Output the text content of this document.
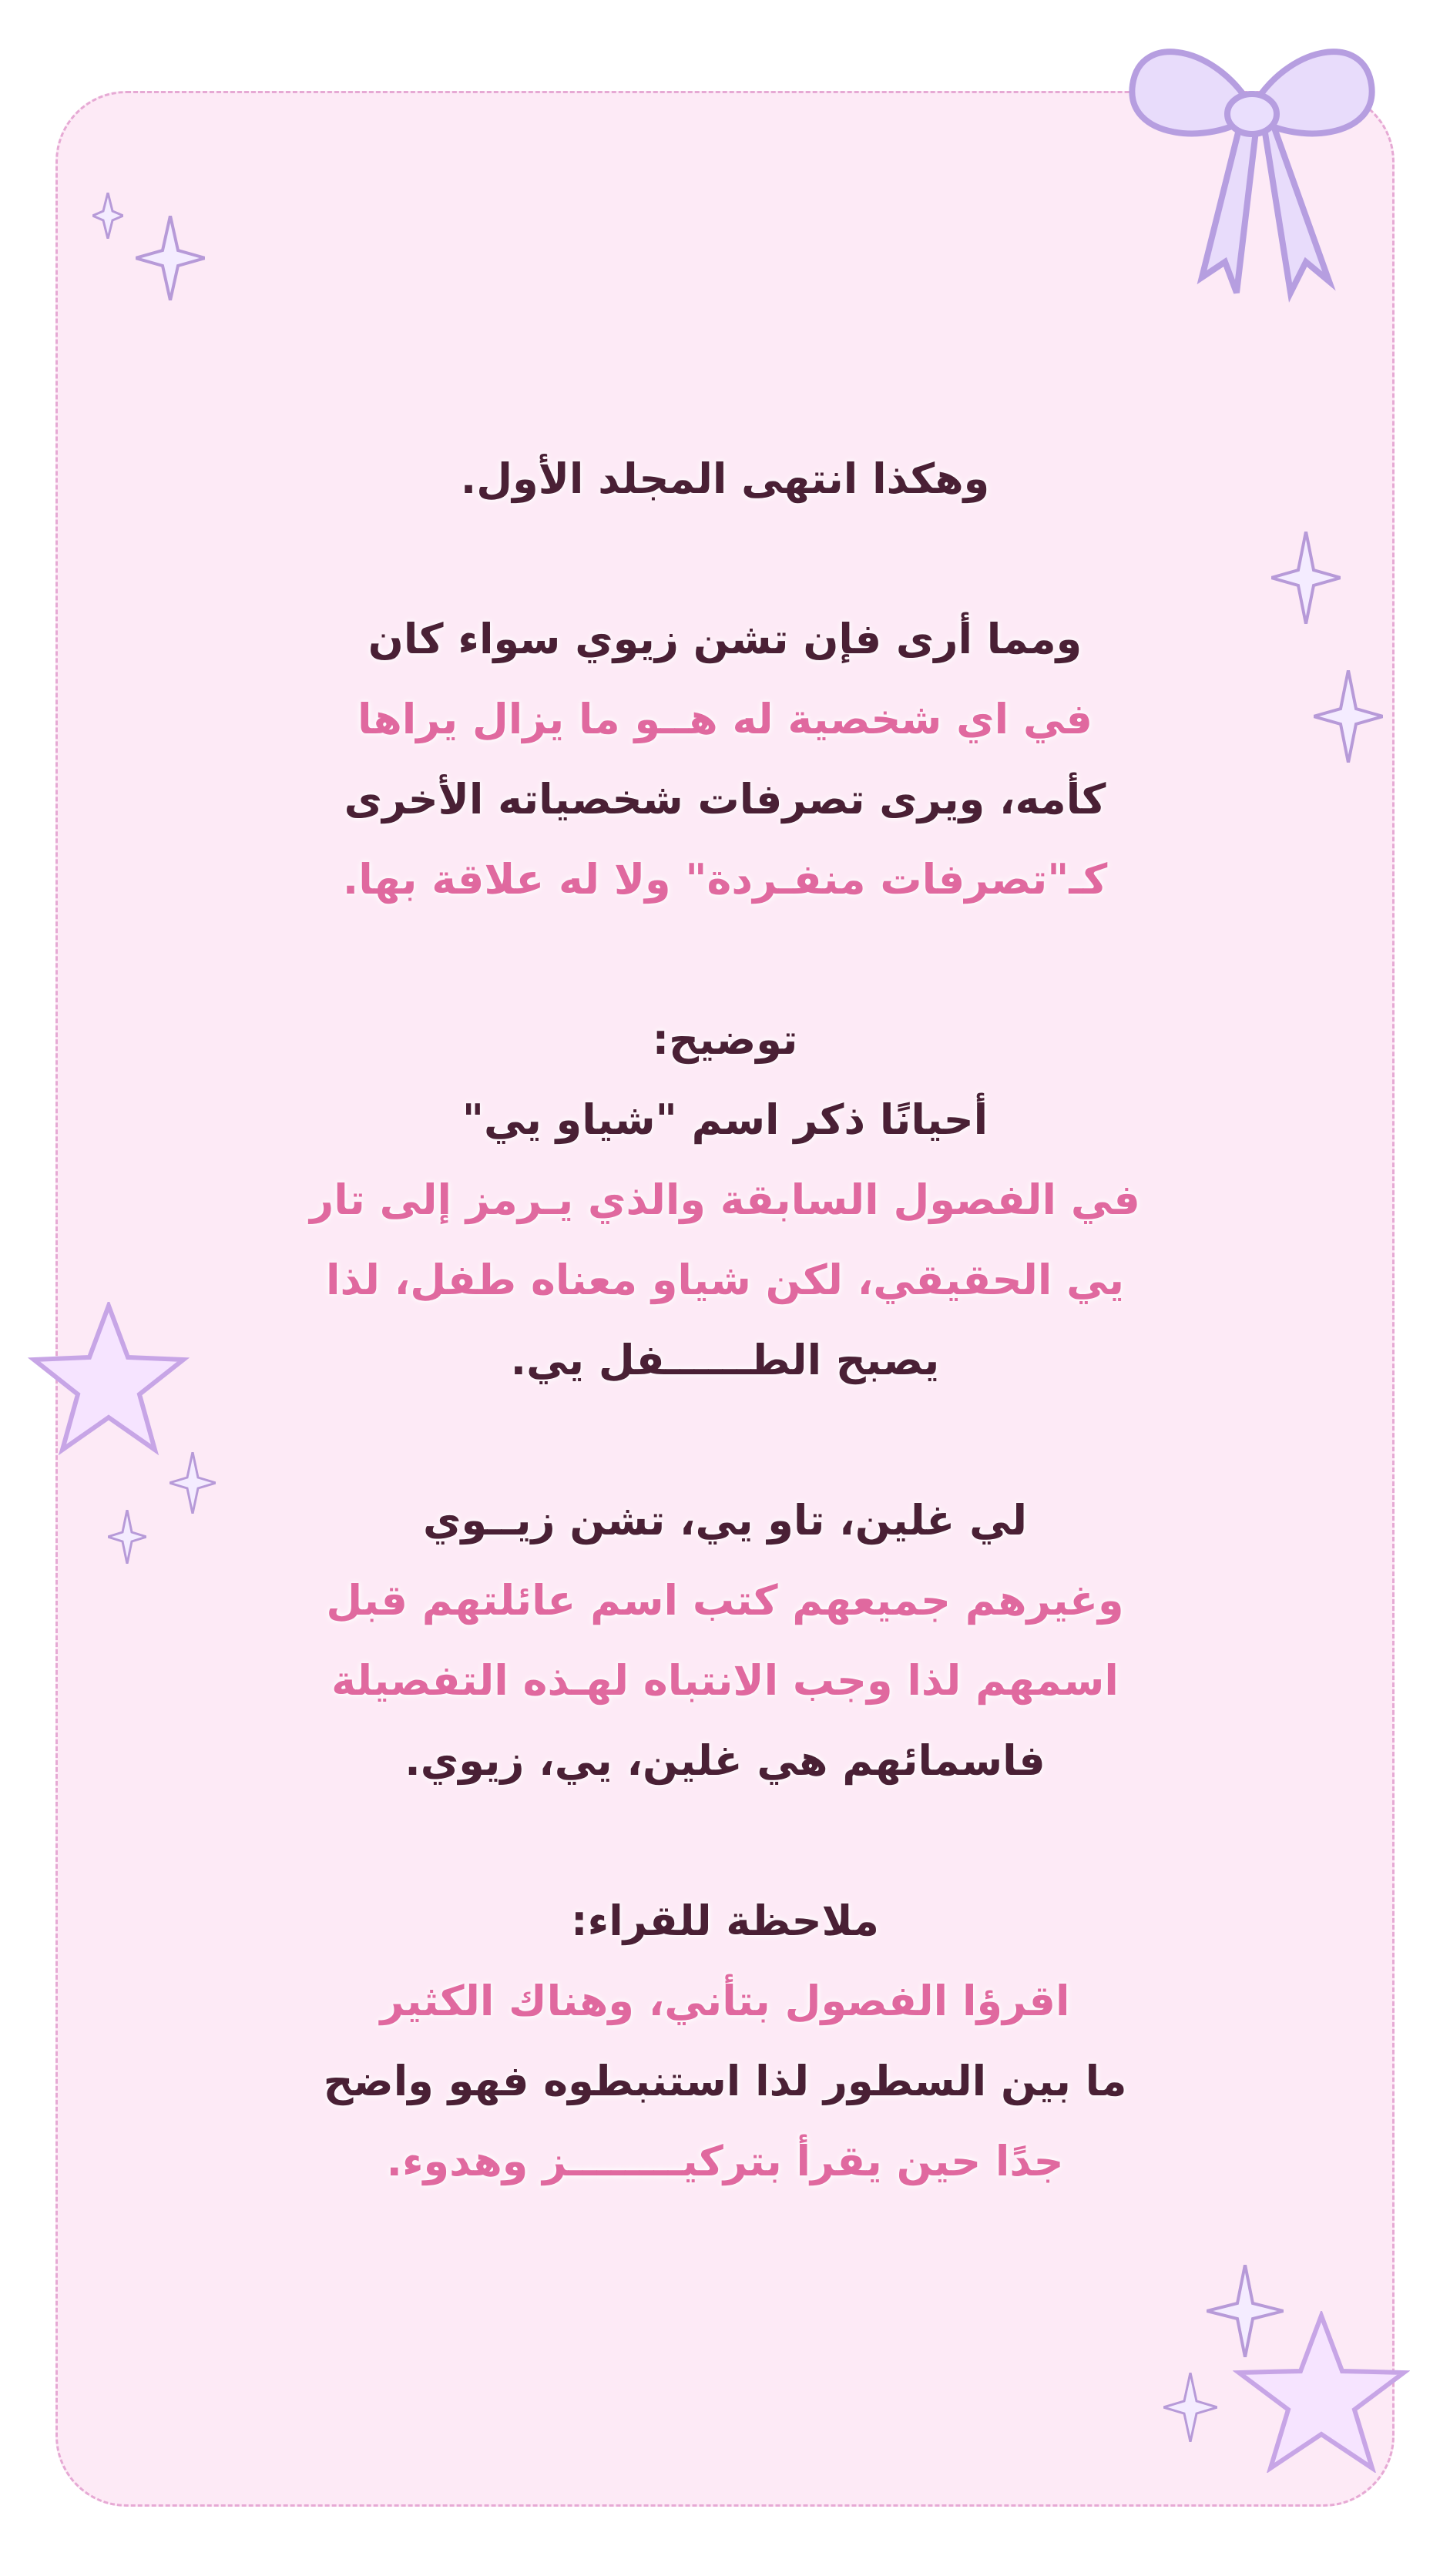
وهكذا انتهى المجلد الأول.

ومما أرى فإن تشن زيوي سواء كان
في اي شخصية له هــو ما يزال يراها
كأمه، ويرى تصرفات شخصياته الأخرى
كـ"تصرفات منفـردة" ولا له علاقة بها.

توضيح:
أحيانًا ذكر اسم "شياو يي"
في الفصول السابقة والذي يـرمز إلى تار
يي الحقيقي، لكن شياو معناه طفل، لذا
يصبح الطــــــفل يي.

لي غلين، تاو يي، تشن زيــوي
وغيرهم جميعهم كتب اسم عائلتهم قبل
اسمهم لذا وجب الانتباه لهـذه التفصيلة
فاسمائهم هي غلين، يي، زيوي.

ملاحظة للقراء:
اقرؤا الفصول بتأني، وهناك الكثير
ما بين السطور لذا استنبطوه فهو واضح
جدًا حين يقرأ بتركيــــــــز وهدوء.
